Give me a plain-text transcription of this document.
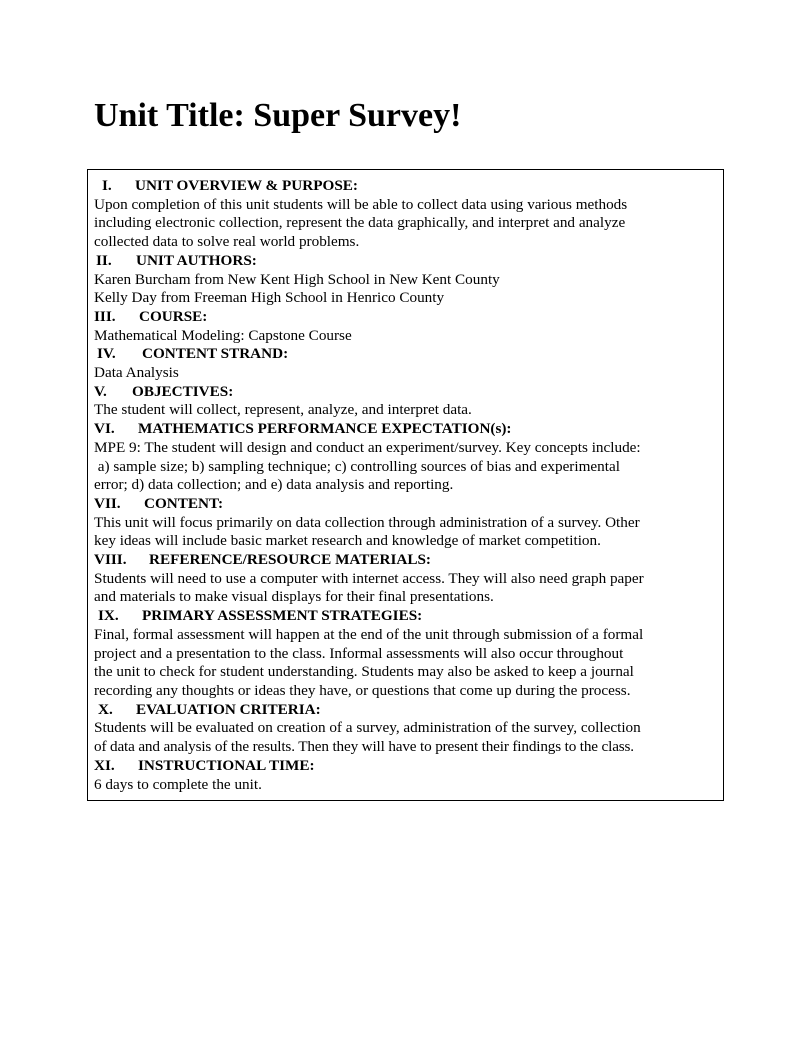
Unit Title: Super Survey!
I.	UNIT OVERVIEW & PURPOSE:
Upon completion of this unit students will be able to collect data using various methods
including electronic collection, represent the data graphically, and interpret and analyze
collected data to solve real world problems.
II.	UNIT AUTHORS:
Karen Burcham from New Kent High School in New Kent County
Kelly Day from Freeman High School in Henrico County
III.	COURSE:
Mathematical Modeling: Capstone Course
IV.	CONTENT STRAND:
Data Analysis
V.	OBJECTIVES:
The student will collect, represent, analyze, and interpret data.
VI.	MATHEMATICS PERFORMANCE EXPECTATION(s):
MPE 9: The student will design and conduct an experiment/survey. Key concepts include:
a) sample size; b) sampling technique; c) controlling sources of bias and experimental
error; d) data collection; and e) data analysis and reporting.
VII.	CONTENT:
This unit will focus primarily on data collection through administration of a survey. Other
key ideas will include basic market research and knowledge of market competition.
VIII.	REFERENCE/RESOURCE MATERIALS:
Students will need to use a computer with internet access. They will also need graph paper
and materials to make visual displays for their final presentations.
IX.	PRIMARY ASSESSMENT STRATEGIES:
Final, formal assessment will happen at the end of the unit through submission of a formal
project and a presentation to the class. Informal assessments will also occur throughout
the unit to check for student understanding. Students may also be asked to keep a journal
recording any thoughts or ideas they have, or questions that come up during the process.
X.	EVALUATION CRITERIA:
Students will be evaluated on creation of a survey, administration of the survey, collection
of data and analysis of the results. Then they will have to present their findings to the class.
XI.	INSTRUCTIONAL TIME:
6 days to complete the unit.
